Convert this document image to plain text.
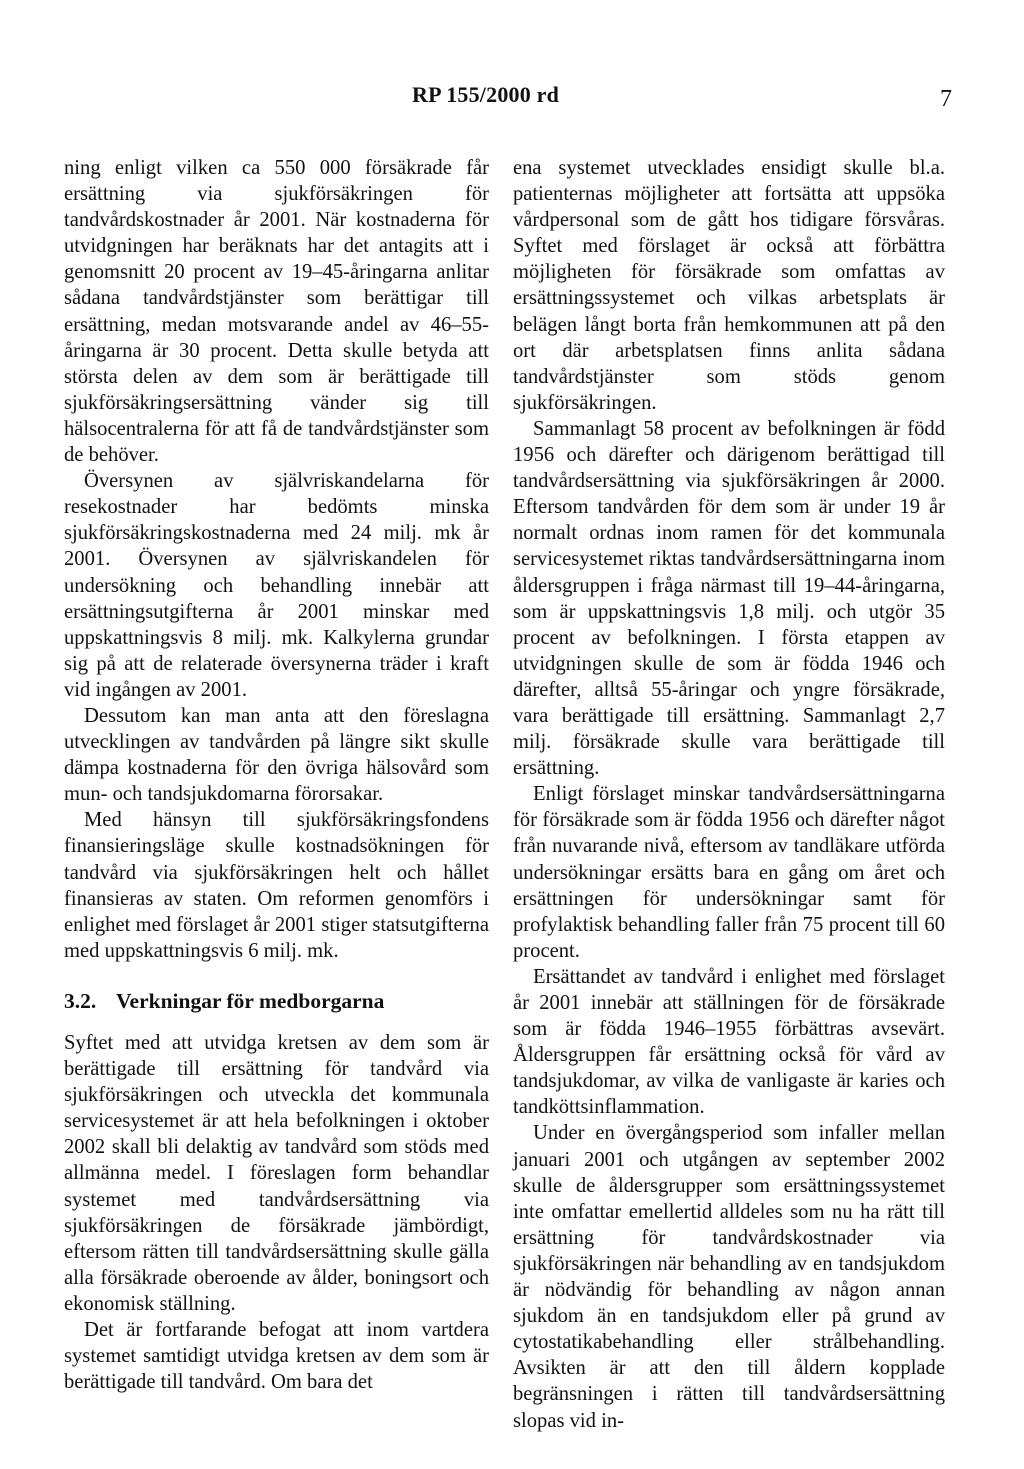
RP 155/2000 rd	7

ning enligt vilken ca 550 000 försäkrade får ersättning via sjukförsäkringen för tandvårdskostnader år 2001. När kostnaderna för utvidgningen har beräknats har det antagits att i genomsnitt 20 procent av 19–45-åringarna anlitar sådana tandvårdstjänster som berättigar till ersättning, medan motsvarande andel av 46–55-åringarna är 30 procent. Detta skulle betyda att största delen av dem som är berättigade till sjukförsäkringsersättning vänder sig till hälsocentralerna för att få de tandvårdstjänster som de behöver.

Översynen av självriskandelarna för resekostnader har bedömts minska sjukförsäkringskostnaderna med 24 milj. mk år 2001. Översynen av självriskandelen för undersökning och behandling innebär att ersättningsutgifterna år 2001 minskar med uppskattningsvis 8 milj. mk. Kalkylerna grundar sig på att de relaterade översynerna träder i kraft vid ingången av 2001.

Dessutom kan man anta att den föreslagna utvecklingen av tandvården på längre sikt skulle dämpa kostnaderna för den övriga hälsovård som mun- och tandsjukdomarna förorsakar.

Med hänsyn till sjukförsäkringsfondens finansieringsläge skulle kostnadsökningen för tandvård via sjukförsäkringen helt och hållet finansieras av staten. Om reformen genomförs i enlighet med förslaget år 2001 stiger statsutgifterna med uppskattningsvis 6 milj. mk.

3.2. Verkningar för medborgarna

Syftet med att utvidga kretsen av dem som är berättigade till ersättning för tandvård via sjukförsäkringen och utveckla det kommunala servicesystemet är att hela befolkningen i oktober 2002 skall bli delaktig av tandvård som stöds med allmänna medel. I föreslagen form behandlar systemet med tandvårdsersättning via sjukförsäkringen de försäkrade jämbördigt, eftersom rätten till tandvårdsersättning skulle gälla alla försäkrade oberoende av ålder, boningsort och ekonomisk ställning.

Det är fortfarande befogat att inom vartdera systemet samtidigt utvidga kretsen av dem som är berättigade till tandvård. Om bara det

ena systemet utvecklades ensidigt skulle bl.a. patienternas möjligheter att fortsätta att uppsöka vårdpersonal som de gått hos tidigare försvåras. Syftet med förslaget är också att förbättra möjligheten för försäkrade som omfattas av ersättningssystemet och vilkas arbetsplats är belägen långt borta från hemkommunen att på den ort där arbetsplatsen finns anlita sådana tandvårdstjänster som stöds genom sjukförsäkringen.

Sammanlagt 58 procent av befolkningen är född 1956 och därefter och därigenom berättigad till tandvårdsersättning via sjukförsäkringen år 2000. Eftersom tandvården för dem som är under 19 år normalt ordnas inom ramen för det kommunala servicesystemet riktas tandvårdsersättningarna inom åldersgruppen i fråga närmast till 19–44-åringarna, som är uppskattningsvis 1,8 milj. och utgör 35 procent av befolkningen. I första etappen av utvidgningen skulle de som är födda 1946 och därefter, alltså 55-åringar och yngre försäkrade, vara berättigade till ersättning. Sammanlagt 2,7 milj. försäkrade skulle vara berättigade till ersättning.

Enligt förslaget minskar tandvårdsersättningarna för försäkrade som är födda 1956 och därefter något från nuvarande nivå, eftersom av tandläkare utförda undersökningar ersätts bara en gång om året och ersättningen för undersökningar samt för profylaktisk behandling faller från 75 procent till 60 procent.

Ersättandet av tandvård i enlighet med förslaget år 2001 innebär att ställningen för de försäkrade som är födda 1946–1955 förbättras avsevärt. Åldersgruppen får ersättning också för vård av tandsjukdomar, av vilka de vanligaste är karies och tandköttsinflammation.

Under en övergångsperiod som infaller mellan januari 2001 och utgången av september 2002 skulle de åldersgrupper som ersättningssystemet inte omfattar emellertid alldeles som nu ha rätt till ersättning för tandvårdskostnader via sjukförsäkringen när behandling av en tandsjukdom är nödvändig för behandling av någon annan sjukdom än en tandsjukdom eller på grund av cytostatikabehandling eller strålbehandling. Avsikten är att den till åldern kopplade begränsningen i rätten till tandvårdsersättning slopas vid in-
